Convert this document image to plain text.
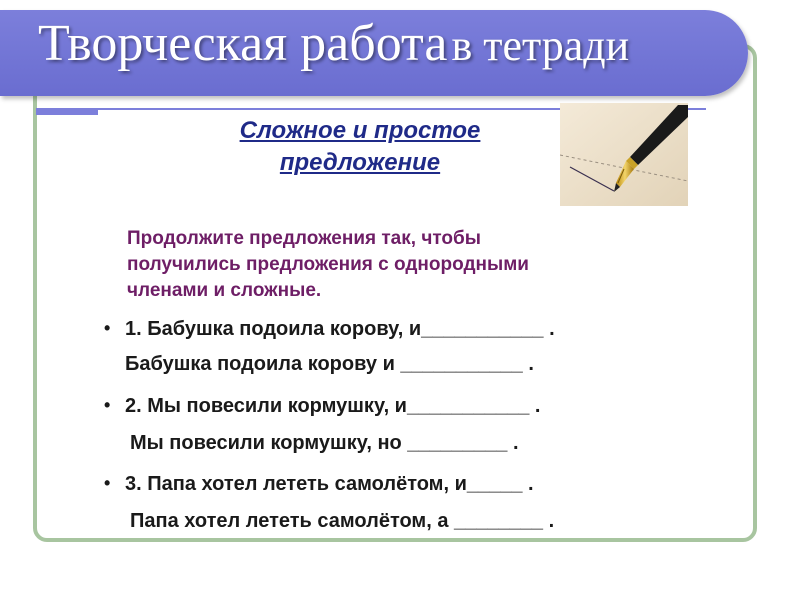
Творческая работа в тетради
Сложное и простое
предложение
Продолжите предложения так, чтобы
получились предложения с однородными
членами и сложные.
• 1. Бабушка подоила корову, и___________ .
Бабушка подоила корову и ___________ .
• 2. Мы повесили кормушку, и___________ .
Мы повесили кормушку, но _________ .
• 3. Папа хотел лететь самолётом, и_____ .
Папа хотел лететь самолётом, а ________ .
